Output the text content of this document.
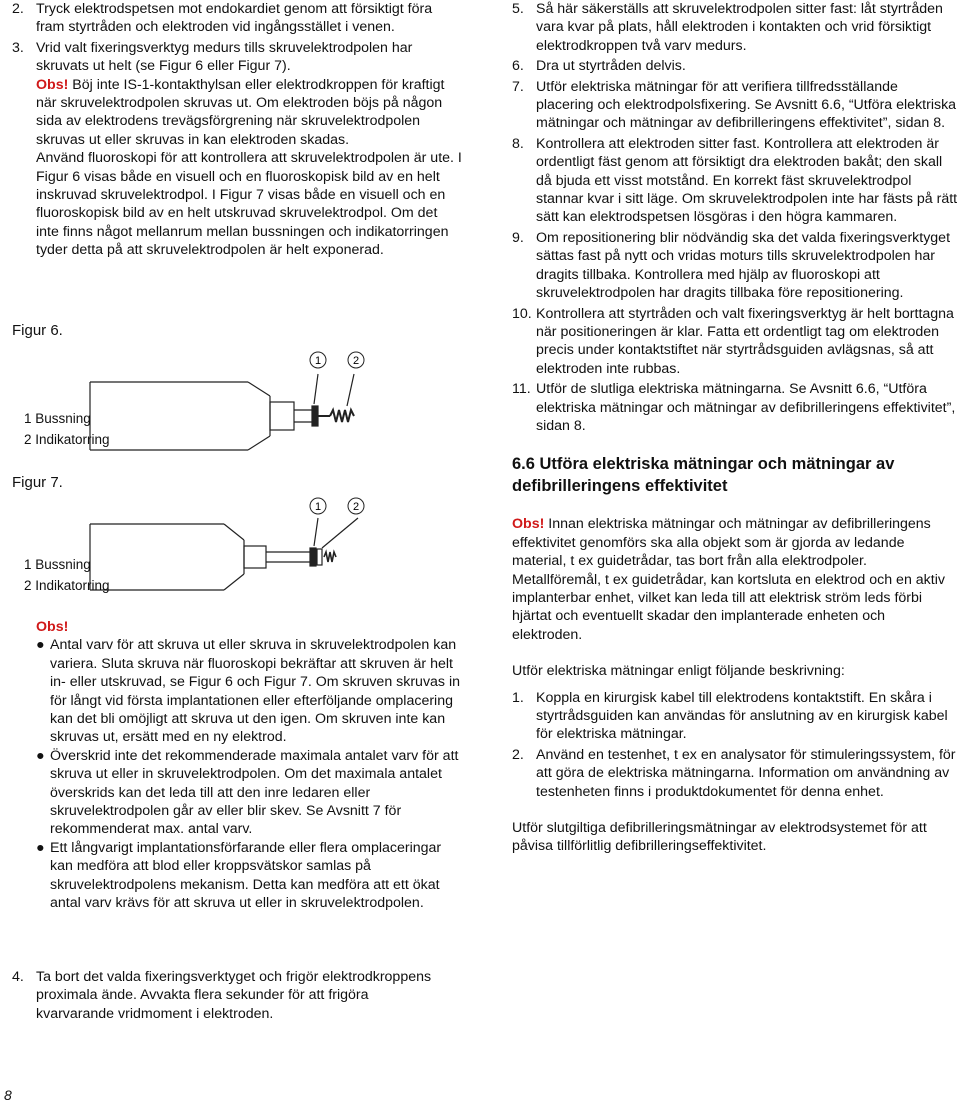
2. Tryck elektrodspetsen mot endokardiet genom att försiktigt föra fram styrtråden och elektroden vid ingångsstället i venen.
3. Vrid valt fixeringsverktyg medurs tills skruvelektrodpolen har skruvats ut helt (se Figur 6 eller Figur 7).

Obs! Böj inte IS-1-kontakthylsan eller elektrodkroppen för kraftigt när skruvelektrodpolen skruvas ut. Om elektroden böjs på någon sida av elektrodens trevägsförgrening när skruvelektrodpolen skruvas ut eller skruvas in kan elektroden skadas.

Använd fluoroskopi för att kontrollera att skruvelektrodpolen är ute. I Figur 6 visas både en visuell och en fluoroskopisk bild av en helt inskruvad skruvelektrodpol. I Figur 7 visas både en visuell och en fluoroskopisk bild av en helt utskruvad skruvelektrodpol. Om det inte finns något mellanrum mellan bussningen och indikatorringen tyder detta på att skruvelektrodpolen är helt exponerad.

Figur 6.

1	2
1 Bussning
2 Indikatorring

Figur 7.

1	2
1 Bussning
2 Indikatorring

Obs!

● Antal varv för att skruva ut eller skruva in skruvelektrodpolen kan variera. Sluta skruva när fluoroskopi bekräftar att skruven är helt in- eller utskruvad, se Figur 6 och Figur 7. Om skruven skruvas in för långt vid första implantationen eller efterföljande omplacering kan det bli omöjligt att skruva ut den igen. Om skruven inte kan skruvas ut, ersätt med en ny elektrod.
● Överskrid inte det rekommenderade maximala antalet varv för att skruva ut eller in skruvelektrodpolen. Om det maximala antalet överskrids kan det leda till att den inre ledaren eller skruvelektrodpolen går av eller blir skev. Se Avsnitt 7 för rekommenderat max. antal varv.
● Ett långvarigt implantationsförfarande eller flera omplaceringar kan medföra att blod eller kroppsvätskor samlas på skruvelektrodpolens mekanism. Detta kan medföra att ett ökat antal varv krävs för att skruva ut eller in skruvelektrodpolen.
4. Ta bort det valda fixeringsverktyget och frigör elektrodkroppens proximala ände. Avvakta flera sekunder för att frigöra kvarvarande vridmoment i elektroden.
5. Så här säkerställs att skruvelektrodpolen sitter fast: låt styrtråden vara kvar på plats, håll elektroden i kontakten och vrid försiktigt elektrodkroppen två varv medurs.
6. Dra ut styrtråden delvis.
7. Utför elektriska mätningar för att verifiera tillfredsställande placering och elektrodpolsfixering. Se Avsnitt 6.6, “Utföra elektriska mätningar och mätningar av defibrilleringens effektivitet”, sidan 8.
8. Kontrollera att elektroden sitter fast. Kontrollera att elektroden är ordentligt fäst genom att försiktigt dra elektroden bakåt; den skall då bjuda ett visst motstånd. En korrekt fäst skruvelektrodpol stannar kvar i sitt läge. Om skruvelektrodpolen inte har fästs på rätt sätt kan elektrodspetsen lösgöras i den högra kammaren.
9. Om repositionering blir nödvändig ska det valda fixeringsverktyget sättas fast på nytt och vridas moturs tills skruvelektrodpolen har dragits tillbaka. Kontrollera med hjälp av fluoroskopi att skruvelektrodpolen har dragits tillbaka före repositionering.
10. Kontrollera att styrtråden och valt fixeringsverktyg är helt borttagna när positioneringen är klar. Fatta ett ordentligt tag om elektroden precis under kontaktstiftet när styrtrådsguiden avlägsnas, så att elektroden inte rubbas.
11. Utför de slutliga elektriska mätningarna. Se Avsnitt 6.6, “Utföra elektriska mätningar och mätningar av defibrilleringens effektivitet”, sidan 8.
6.6 Utföra elektriska mätningar och mätningar av defibrilleringens effektivitet

Obs! Innan elektriska mätningar och mätningar av defibrilleringens effektivitet genomförs ska alla objekt som är gjorda av ledande material, t ex guidetrådar, tas bort från alla elektrodpoler. Metallföremål, t ex guidetrådar, kan kortsluta en elektrod och en aktiv implanterbar enhet, vilket kan leda till att elektrisk ström leds förbi hjärtat och eventuellt skadar den implanterade enheten och elektroden.

Utför elektriska mätningar enligt följande beskrivning:

1. Koppla en kirurgisk kabel till elektrodens kontaktstift. En skåra i styrtrådsguiden kan användas för anslutning av en kirurgisk kabel för elektriska mätningar.
2. Använd en testenhet, t ex en analysator för stimuleringssystem, för att göra de elektriska mätningarna. Information om användning av testenheten finns i produktdokumentet för denna enhet.

Utför slutgiltiga defibrilleringsmätningar av elektrodsystemet för att påvisa tillförlitlig defibrilleringseffektivitet.

8
